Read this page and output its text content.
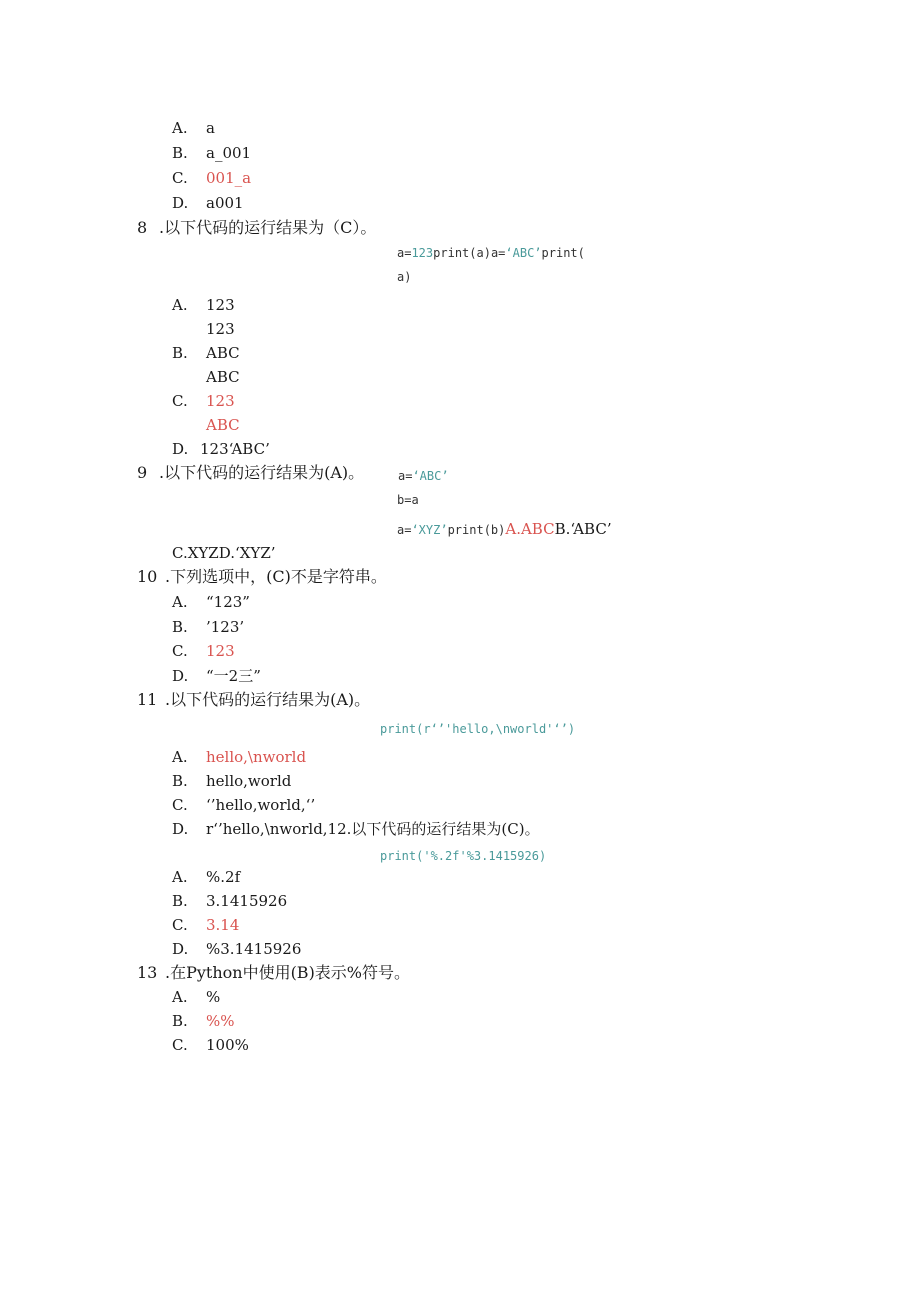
A. a
B. a_001
C. 001_a
D. a001
8 .以下代码的运行结果为（C）。
a=123print(a)a=‘ABC’print(
a)
A. 123
123
B. ABC
ABC
C. 123
ABC
D. 123‘ABC’
9 .以下代码的运行结果为(A)。	a=‘ABC’
b=a
a=‘XYZ’print(b)A.ABCB.‘ABC’
C.XYZD.‘XYZ’
10 .下列选项中，(C)不是字符串。
A. “123”
B. ’123’
C. 123
D. “一2三”
11 .以下代码的运行结果为(A)。
print(r‘’'hello,\nworld'‘’)
A. hello,\nworld
B. hello,world
C. ‘’hello,world,‘’
D. r‘’hello,\nworld,12.以下代码的运行结果为(C)。
print('%.2f'%3.1415926)
A. %.2f
B. 3.1415926
C. 3.14
D. %3.1415926
13 .在Python中使用(B)表示%符号。
A. %
B. %%
C. 100%
